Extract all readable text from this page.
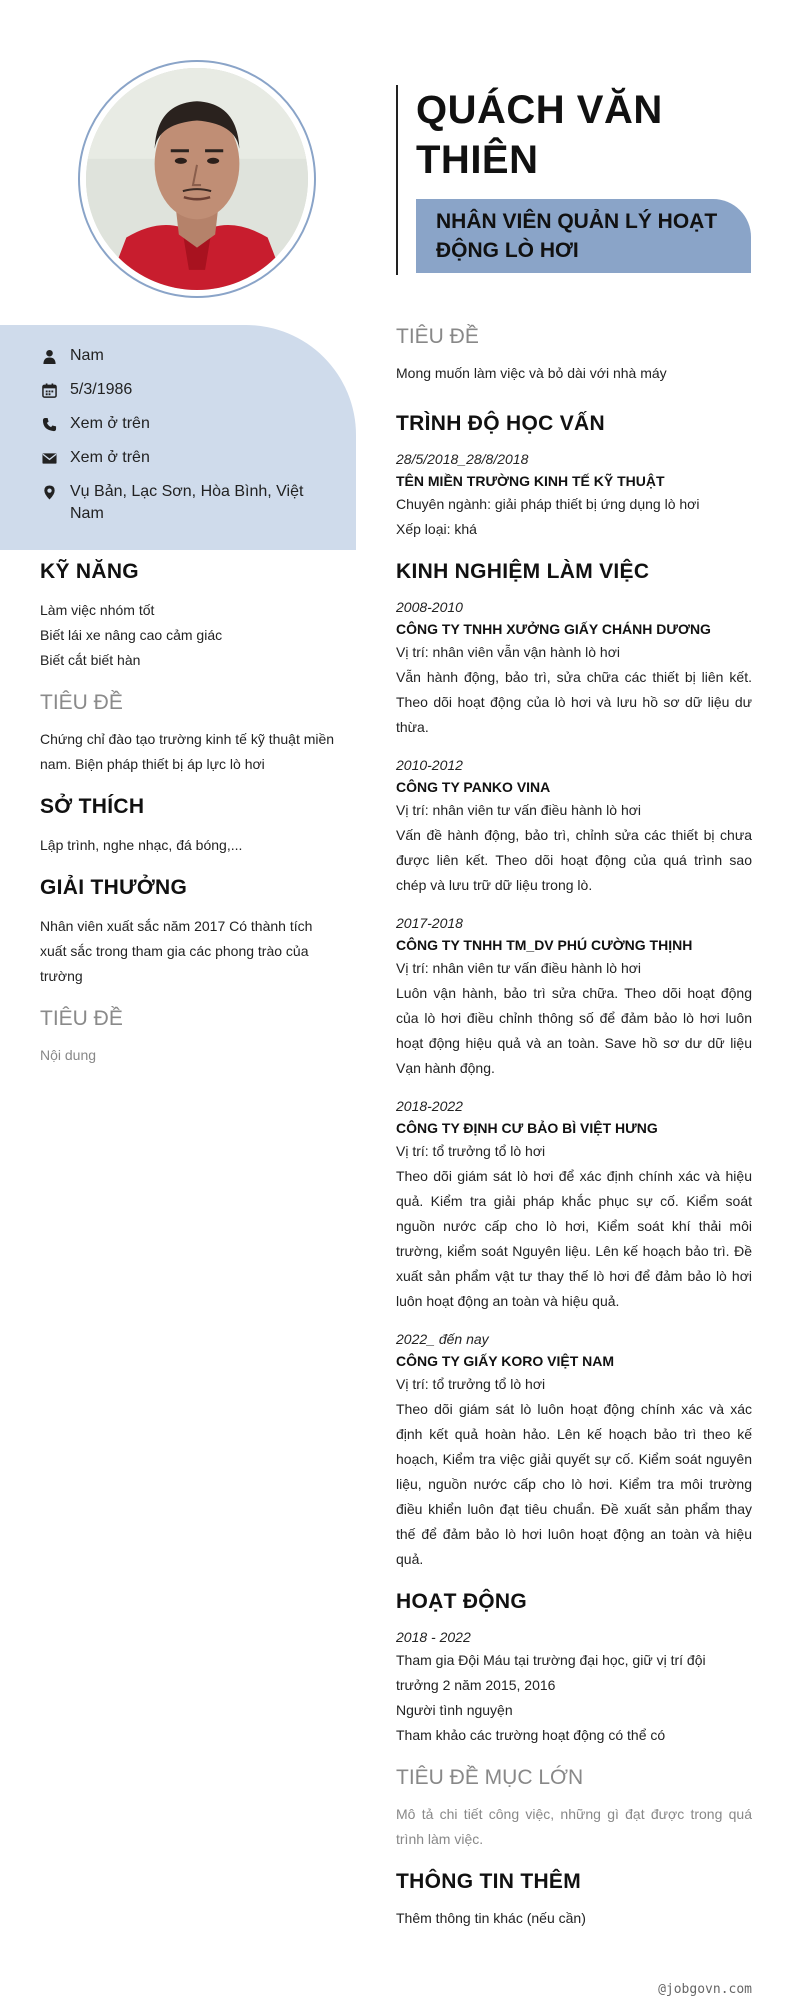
QUÁCH VĂN THIÊN
NHÂN VIÊN QUẢN LÝ HOẠT ĐỘNG LÒ HƠI
Nam
5/3/1986
Xem ở trên
Xem ở trên
Vụ Bản, Lạc Sơn, Hòa Bình, Việt Nam
KỸ NĂNG
Làm việc nhóm tốt
Biết lái xe nâng cao cảm giác
Biết cắt biết hàn
TIÊU ĐỀ
Chứng chỉ đào tạo trường kinh tế kỹ thuật miền nam. Biện pháp thiết bị áp lực lò hơi
SỞ THÍCH
Lập trình, nghe nhạc, đá bóng,...
GIẢI THƯỞNG
Nhân viên xuất sắc năm 2017 Có thành tích xuất sắc trong tham gia các phong trào của trường
TIÊU ĐỀ
Nội dung
TIÊU ĐỀ
Mong muốn làm việc và bỏ dài với nhà máy
TRÌNH ĐỘ HỌC VẤN
28/5/2018_28/8/2018
TÊN MIỀN TRƯỜNG KINH TẾ KỸ THUẬT
Chuyên ngành: giải pháp thiết bị ứng dụng lò hơi
Xếp loại: khá
KINH NGHIỆM LÀM VIỆC
2008-2010
CÔNG TY TNHH XƯỞNG GIẤY CHÁNH DƯƠNG
Vị trí: nhân viên vẫn vận hành lò hơi
Vẫn hành động, bảo trì, sửa chữa các thiết bị liên kết. Theo dõi hoạt động của lò hơi và lưu hồ sơ dữ liệu dư thừa.
2010-2012
CÔNG TY PANKO VINA
Vị trí: nhân viên tư vấn điều hành lò hơi
Vấn đề hành động, bảo trì, chỉnh sửa các thiết bị chưa được liên kết. Theo dõi hoạt động của quá trình sao chép và lưu trữ dữ liệu trong lò.
2017-2018
CÔNG TY TNHH TM_DV PHÚ CƯỜNG THỊNH
Vị trí: nhân viên tư vấn điều hành lò hơi
Luôn vận hành, bảo trì sửa chữa. Theo dõi hoạt động của lò hơi điều chỉnh thông số để đảm bảo lò hơi luôn hoạt động hiệu quả và an toàn. Save hồ sơ dư dữ liệu Vạn hành động.
2018-2022
CÔNG TY ĐỊNH CƯ BẢO BÌ VIỆT HƯNG
Vị trí: tổ trưởng tổ lò hơi
Theo dõi giám sát lò hơi để xác định chính xác và hiệu quả. Kiểm tra giải pháp khắc phục sự cố. Kiểm soát nguồn nước cấp cho lò hơi, Kiểm soát khí thải môi trường, kiểm soát Nguyên liệu. Lên kế hoạch bảo trì. Đề xuất sản phẩm vật tư thay thế lò hơi để đảm bảo lò hơi luôn hoạt động an toàn và hiệu quả.
2022_ đến nay
CÔNG TY GIẤY KORO VIỆT NAM
Vị trí: tổ trưởng tổ lò hơi
Theo dõi giám sát lò luôn hoạt động chính xác và xác định kết quả hoàn hảo. Lên kế hoạch bảo trì theo kế hoạch, Kiểm tra việc giải quyết sự cố. Kiểm soát nguyên liệu, nguồn nước cấp cho lò hơi. Kiểm tra môi trường điều khiển luôn đạt tiêu chuẩn. Đề xuất sản phẩm thay thế để đảm bảo lò hơi luôn hoạt động an toàn và hiệu quả.
HOẠT ĐỘNG
2018 - 2022
Tham gia Đội Máu tại trường đại học, giữ vị trí đội trưởng 2 năm 2015, 2016
Người tình nguyện
Tham khảo các trường hoạt động có thể có
TIÊU ĐỀ MỤC LỚN
Mô tả chi tiết công việc, những gì đạt được trong quá trình làm việc.
THÔNG TIN THÊM
Thêm thông tin khác (nếu cần)
@jobgovn.com
